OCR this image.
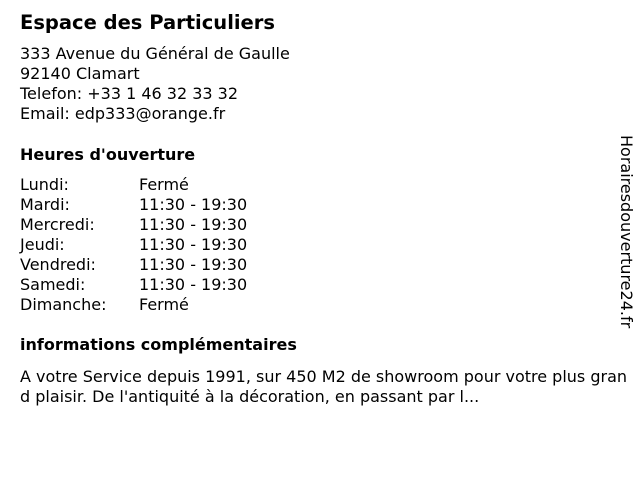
Espace des Particuliers
333 Avenue du Général de Gaulle
92140 Clamart
Telefon: +33 1 46 32 33 32
Email: edp333@orange.fr
Heures d'ouverture
Lundi:	Fermé
Mardi:	11:30 - 19:30
Mercredi:	11:30 - 19:30
Jeudi:	11:30 - 19:30
Vendredi:	11:30 - 19:30
Samedi:	11:30 - 19:30
Dimanche:	Fermé
informations complémentaires
A votre Service depuis 1991, sur 450 M2 de showroom pour votre plus grand plaisir. De l'antiquité à la décoration, en passant par l...
Horairesdouverture24.fr
